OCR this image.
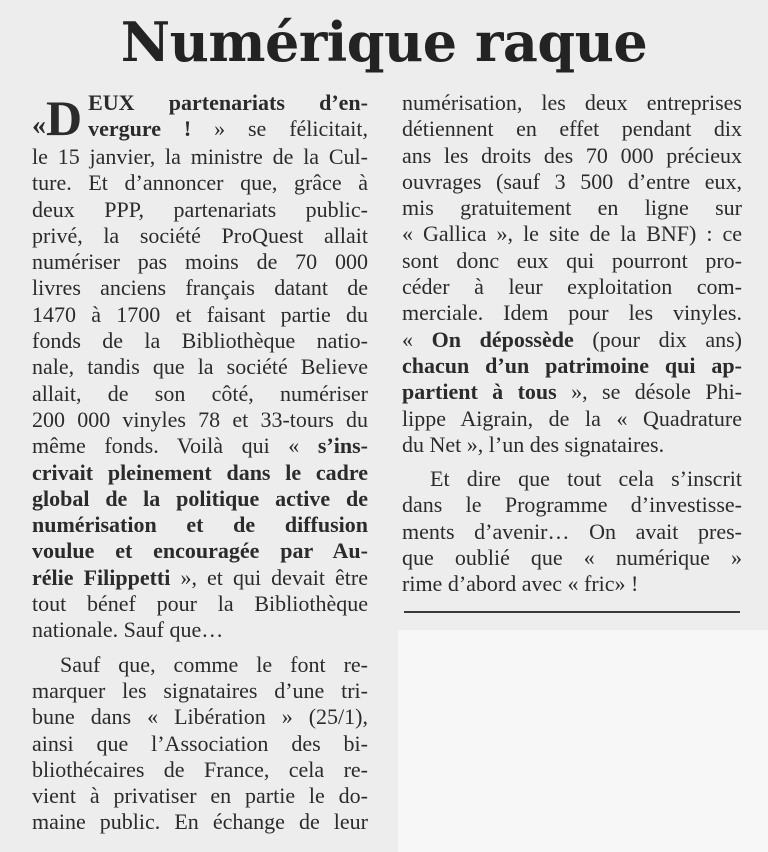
Numérique raque
«D EUX partenariats d’en-
vergure ! » se félicitait,
le 15 janvier, la ministre de la Cul-
ture. Et d’annoncer que, grâce à
deux PPP, partenariats public-
privé, la société ProQuest allait
numériser pas moins de 70 000
livres anciens français datant de
1470 à 1700 et faisant partie du
fonds de la Bibliothèque natio-
nale, tandis que la société Believe
allait, de son côté, numériser
200 000 vinyles 78 et 33-tours du
même fonds. Voilà qui « s’ins-
crivait pleinement dans le cadre
global de la politique active de
numérisation et de diffusion
voulue et encouragée par Au-
rélie Filippetti », et qui devait être
tout bénef pour la Bibliothèque
nationale. Sauf que…
Sauf que, comme le font re-
marquer les signataires d’une tri-
bune dans « Libération » (25/1),
ainsi que l’Association des bi-
bliothécaires de France, cela re-
vient à privatiser en partie le do-
maine public. En échange de leur
numérisation, les deux entreprises
détiennent en effet pendant dix
ans les droits des 70 000 précieux
ouvrages (sauf 3 500 d’entre eux,
mis gratuitement en ligne sur
« Gallica », le site de la BNF) : ce
sont donc eux qui pourront pro-
céder à leur exploitation com-
merciale. Idem pour les vinyles.
« On dépossède (pour dix ans)
chacun d’un patrimoine qui ap-
partient à tous », se désole Phi-
lippe Aigrain, de la « Quadrature
du Net », l’un des signataires.
Et dire que tout cela s’inscrit
dans le Programme d’investisse-
ments d’avenir… On avait pres-
que oublié que « numérique »
rime d’abord avec « fric» !
